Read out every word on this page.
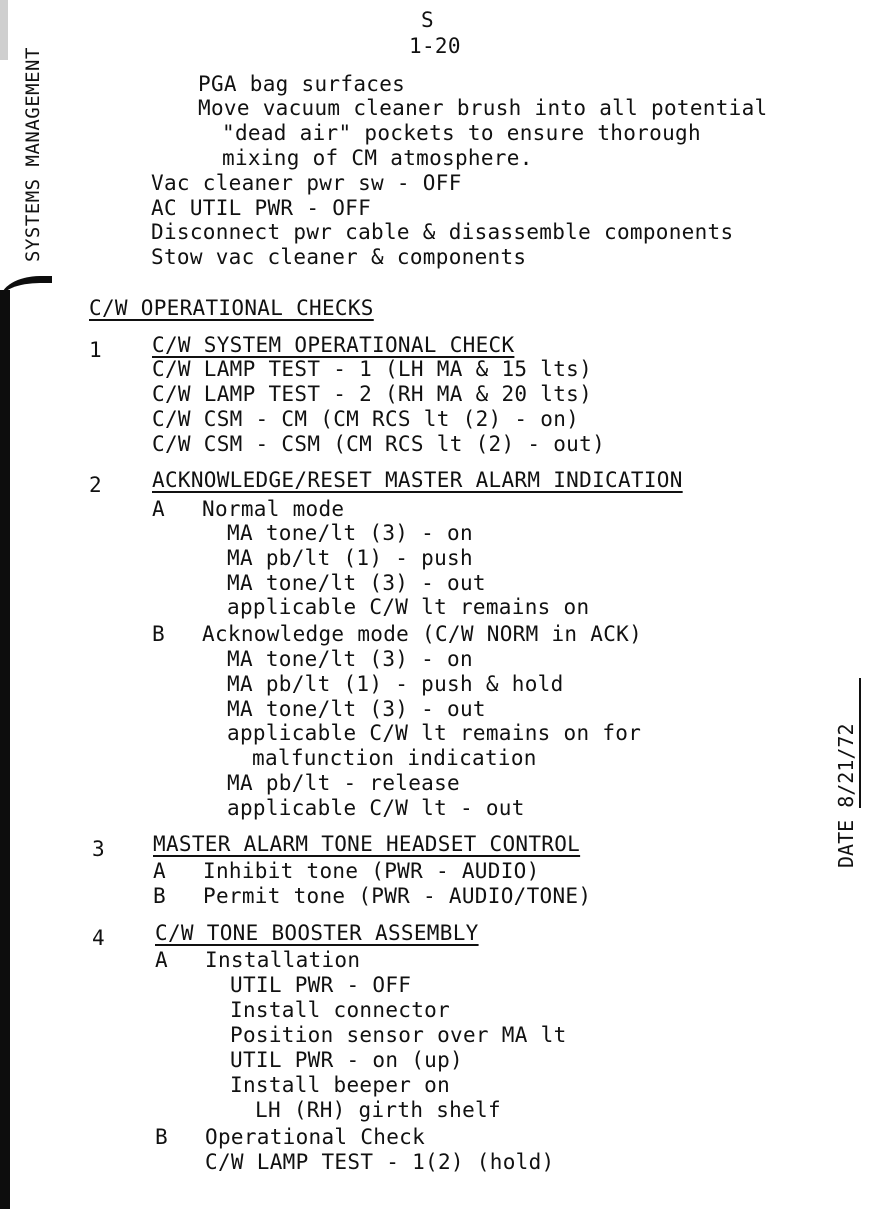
SYSTEMS MANAGEMENT
S
1-20
PGA bag surfaces
Move vacuum cleaner brush into all potential
"dead air" pockets to ensure thorough
mixing of CM atmosphere.
Vac cleaner pwr sw - OFF
AC UTIL PWR - OFF
Disconnect pwr cable & disassemble components
Stow vac cleaner & components
C/W OPERATIONAL CHECKS
1 C/W SYSTEM OPERATIONAL CHECK
C/W LAMP TEST - 1 (LH MA & 15 lts)
C/W LAMP TEST - 2 (RH MA & 20 lts)
C/W CSM - CM (CM RCS lt (2) - on)
C/W CSM - CSM (CM RCS lt (2) - out)
2 ACKNOWLEDGE/RESET MASTER ALARM INDICATION
A Normal mode
MA tone/lt (3) - on
MA pb/lt (1) - push
MA tone/lt (3) - out
applicable C/W lt remains on
B Acknowledge mode (C/W NORM in ACK)
MA tone/lt (3) - on
MA pb/lt (1) - push & hold
MA tone/lt (3) - out
applicable C/W lt remains on for
malfunction indication
MA pb/lt - release
applicable C/W lt - out
3 MASTER ALARM TONE HEADSET CONTROL
A Inhibit tone (PWR - AUDIO)
B Permit tone (PWR - AUDIO/TONE)
4 C/W TONE BOOSTER ASSEMBLY
A Installation
UTIL PWR - OFF
Install connector
Position sensor over MA lt
UTIL PWR - on (up)
Install beeper on
LH (RH) girth shelf
B Operational Check
C/W LAMP TEST - 1(2) (hold)
DATE 8/21/72
